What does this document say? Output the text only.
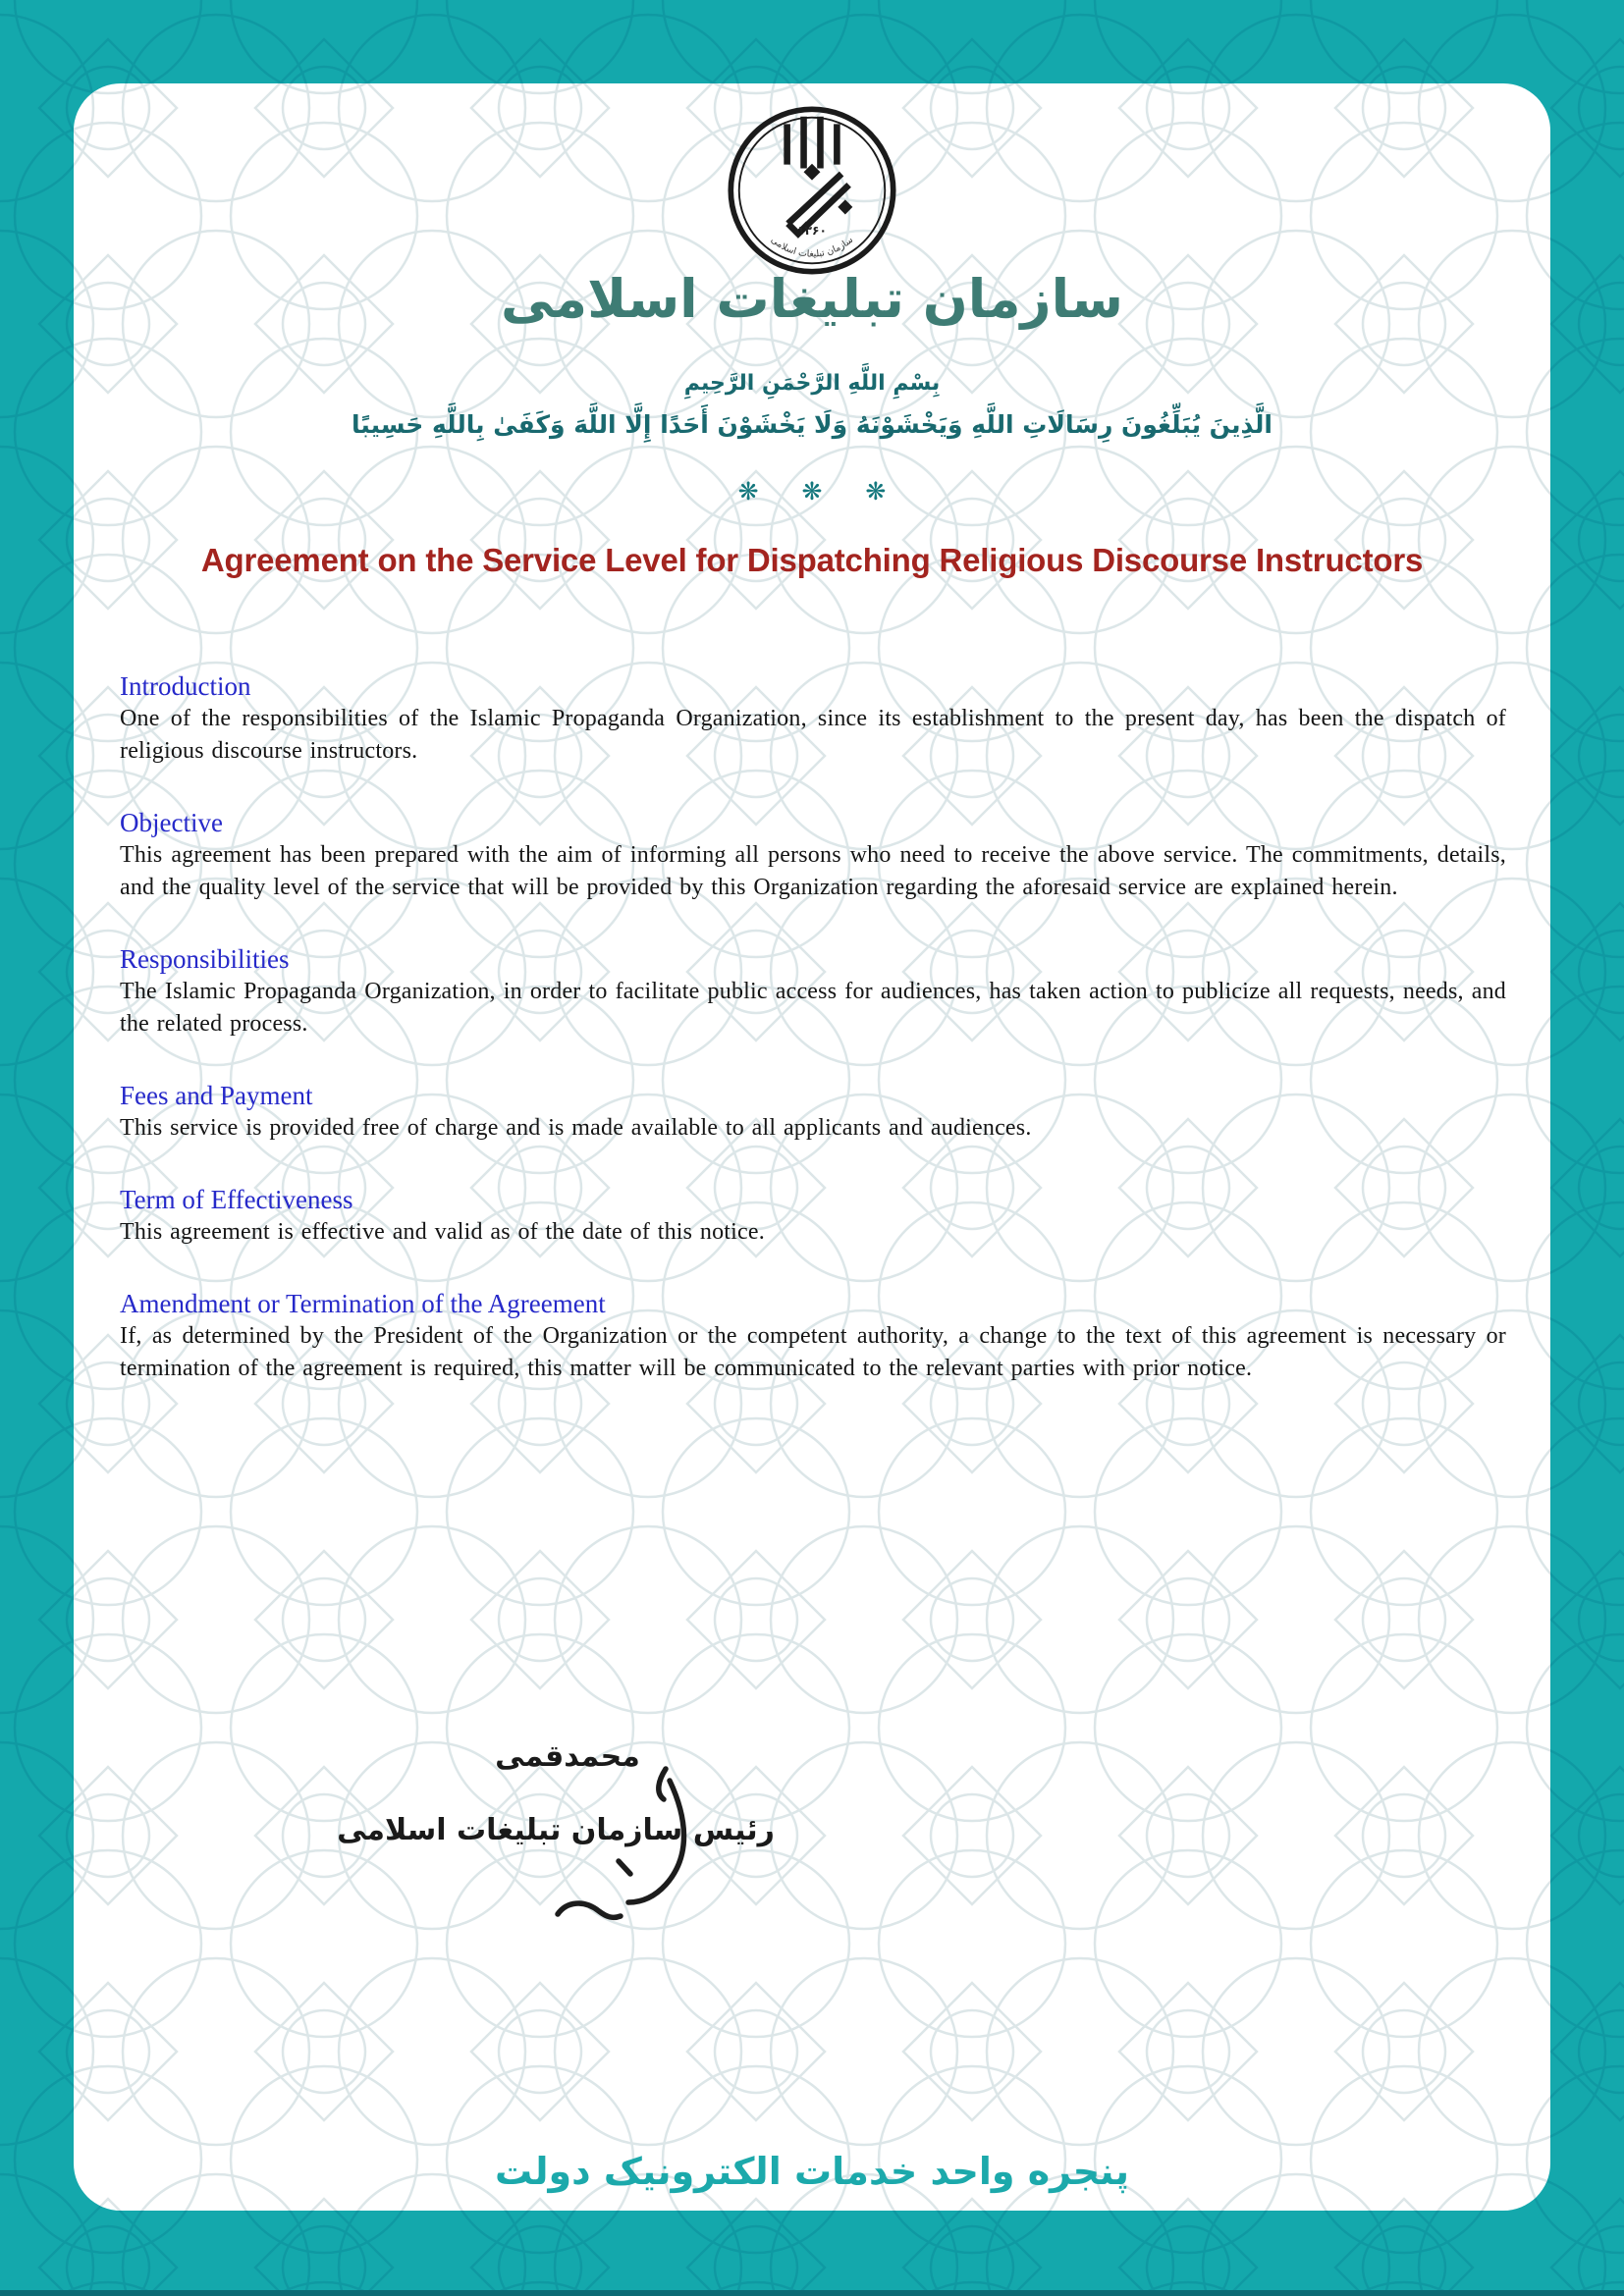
۱۳۶۰
سازمان تبلیغات اسلامی
سازمان تبلیغات اسلامی
بِسْمِ اللَّهِ الرَّحْمَنِ الرَّحِيمِ
الَّذِينَ يُبَلِّغُونَ رِسَالَاتِ اللَّهِ وَيَخْشَوْنَهُ وَلَا يَخْشَوْنَ أَحَدًا إِلَّا اللَّهَ وَكَفَىٰ بِاللَّهِ حَسِيبًا
❋ ❋ ❋
Agreement on the Service Level for Dispatching Religious Discourse Instructors
Introduction

One of the responsibilities of the Islamic Propaganda Organization, since its establishment to the present day, has been the dispatch of religious discourse instructors.

Objective

This agreement has been prepared with the aim of informing all persons who need to receive the above service. The commitments, details, and the quality level of the service that will be provided by this Organization regarding the aforesaid service are explained herein.

Responsibilities

The Islamic Propaganda Organization, in order to facilitate public access for audiences, has taken action to publicize all requests, needs, and the related process.

Fees and Payment

This service is provided free of charge and is made available to all applicants and audiences.

Term of Effectiveness

This agreement is effective and valid as of the date of this notice.

Amendment or Termination of the Agreement

If, as determined by the President of the Organization or the competent authority, a change to the text of this agreement is necessary or termination of the agreement is required, this matter will be communicated to the relevant parties with prior notice.

محمدقمی
رئیس سازمان تبلیغات اسلامی
پنجره واحد خدمات الکترونیک دولت
